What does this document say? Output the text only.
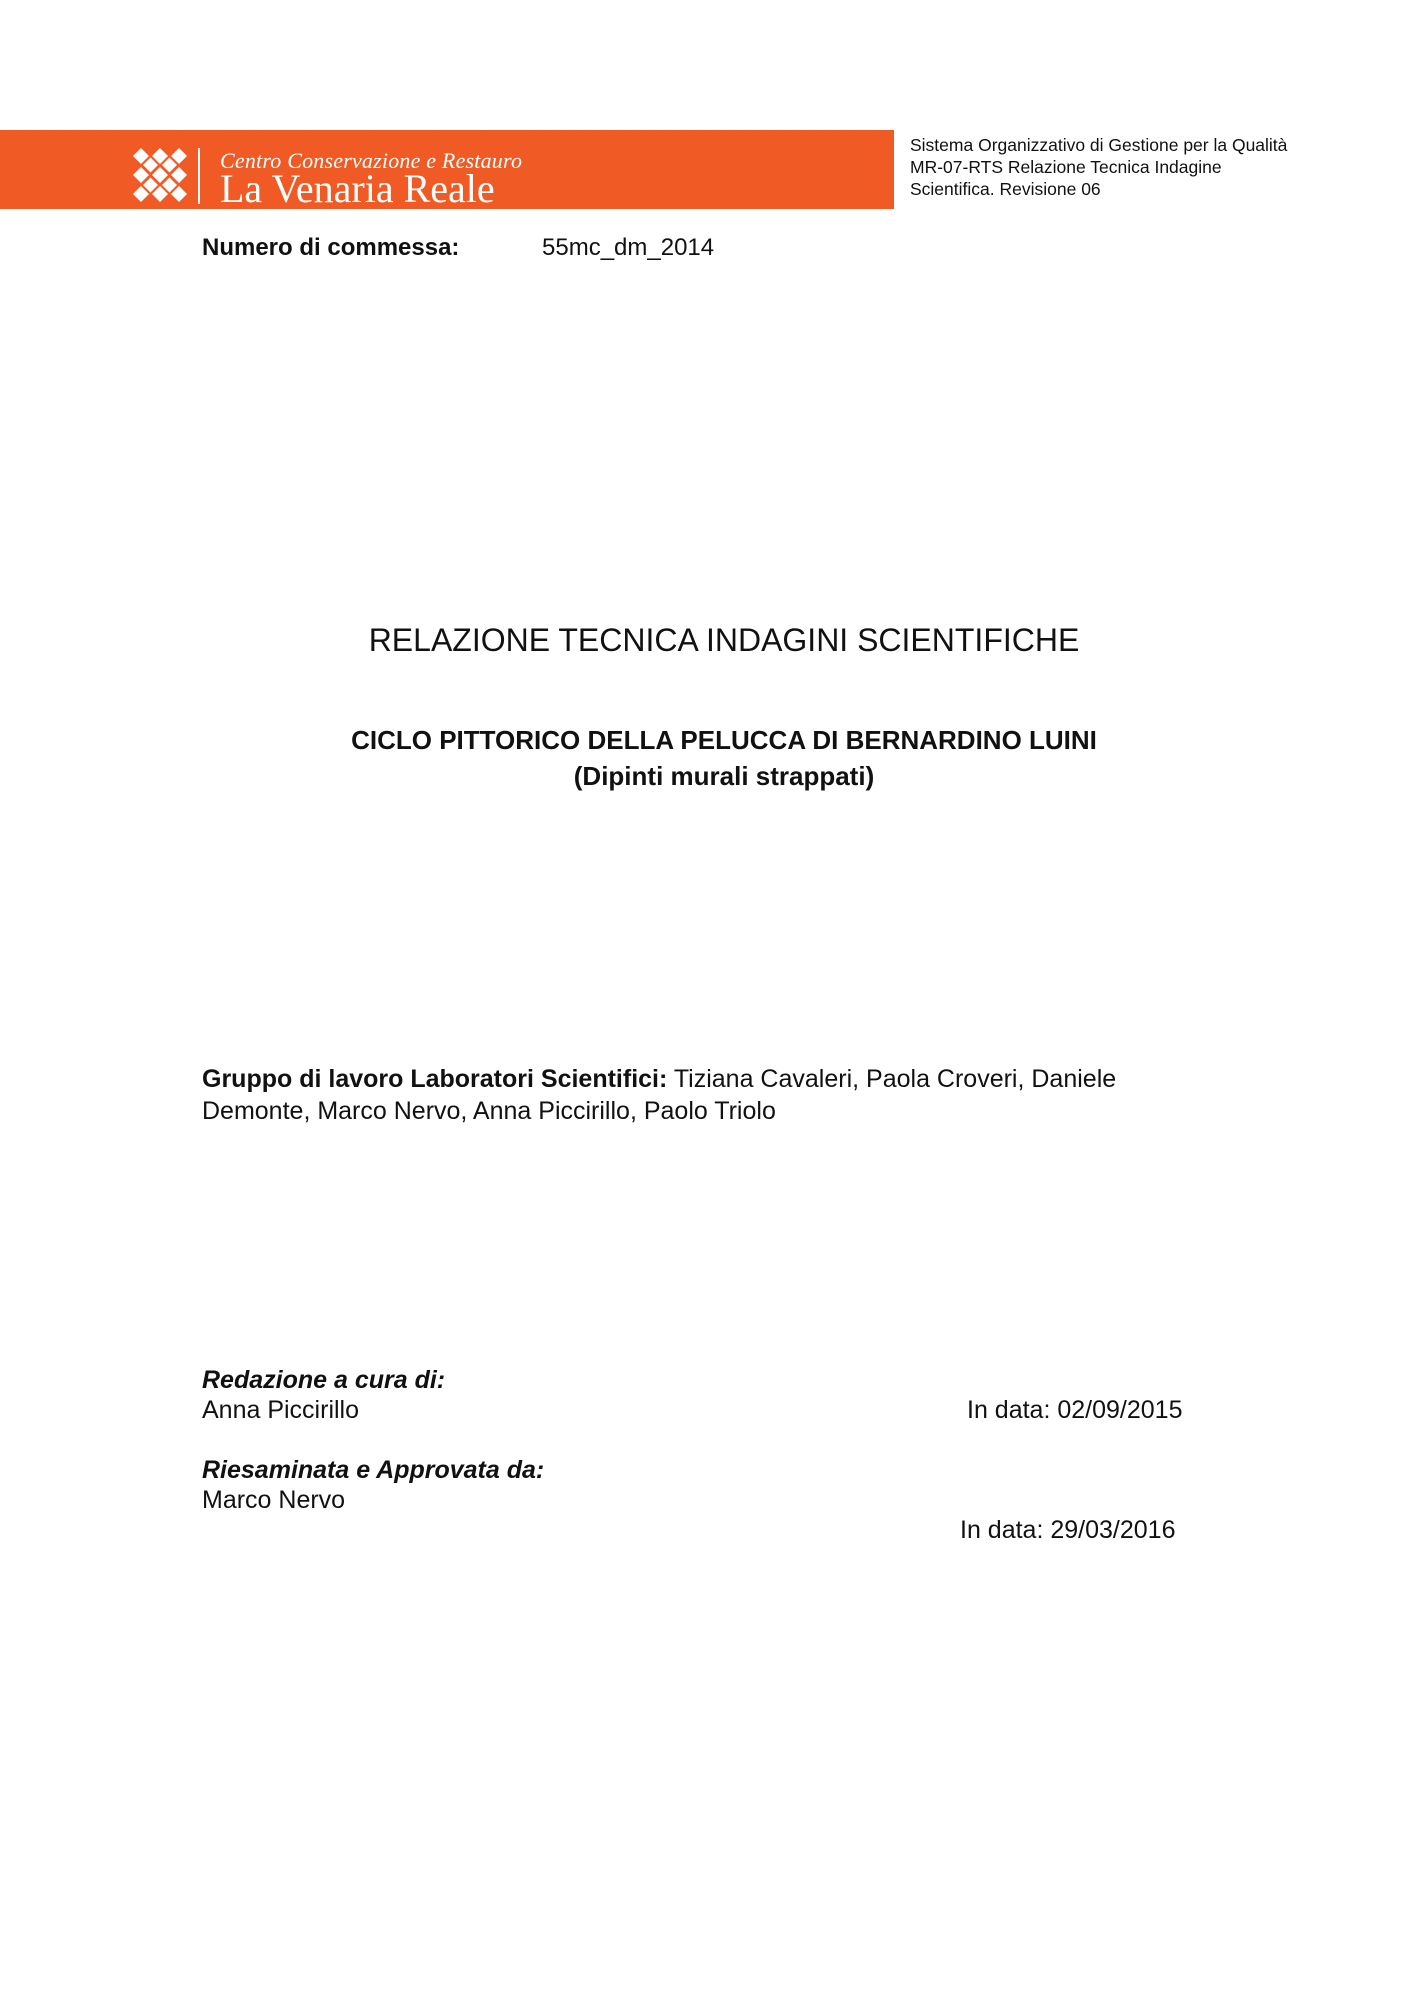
Centro Conservazione e Restauro
La Venaria Reale
Sistema Organizzativo di Gestione per la Qualità
MR-07-RTS Relazione Tecnica Indagine
Scientifica. Revisione 06
Numero di commessa:	55mc_dm_2014
RELAZIONE TECNICA INDAGINI SCIENTIFICHE
CICLO PITTORICO DELLA PELUCCA DI BERNARDINO LUINI
(Dipinti murali strappati)
Gruppo di lavoro Laboratori Scientifici: Tiziana Cavaleri, Paola Croveri, Daniele
Demonte, Marco Nervo, Anna Piccirillo, Paolo Triolo
Redazione a cura di:
Anna Piccirillo	In data: 02/09/2015
Riesaminata e Approvata da:
Marco Nervo
In data: 29/03/2016
